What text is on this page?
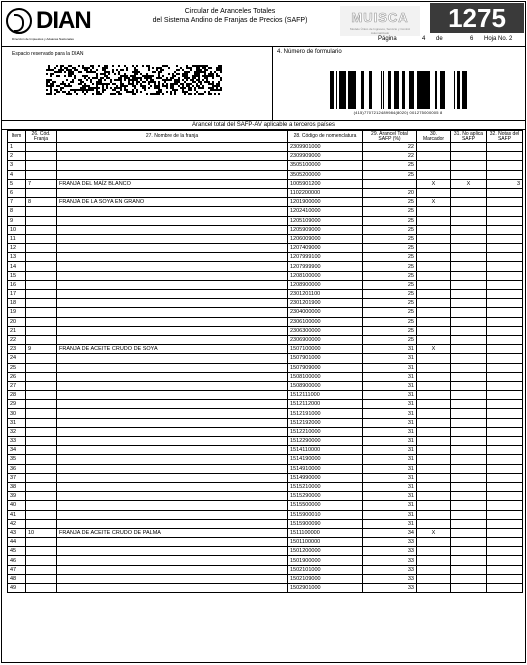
DIAN
Dirección de Impuestos y Aduanas Nacionales
Circular de Aranceles Totales
del Sistema Andino de Franjas de Precios (SAFP)	MUISCA
Modelo Único de Ingresos, Servicio y Control Automatizado	1275
Página	4 de	6 Hoja No. 2
Espacio reservado para la DIAN	4. Número de formulario
(415)7707212489984(8020) 001275000005 8
Arancel total del SAFP-AV aplicable a terceros países
Item	26. Cód. Franja	27. Nombre de la franja	28. Código de nomenclatura	29. Arancel Total SAFP (%)	30. Marcador	31. No aplica SAFP	32. Notas del SAFP
1			2309901000	22			
2			2309909000	22			
3			3505100000	25			
4			3505200000	25			
5	7	FRANJA DEL MAÍZ BLANCO	1005901200		X	X	3
6			1102200000	20			
7	8	FRANJA DE LA SOYA EN GRANO	1201900000	25	X		
8			1202410000	25			
9			1205109000	25			
10			1205909000	25			
11			1206009000	25			
12			1207409000	25			
13			1207999100	25			
14			1207999900	25			
15			1208100000	25			
16			1208900000	25			
17			2301201100	25			
18			2301201900	25			
19			2304000000	25			
20			2306100000	25			
21			2306300000	25			
22			2306900000	25			
23	9	FRANJA DE ACEITE CRUDO DE SOYA	1507100000	31	X		
24			1507901000	31			
25			1507909000	31			
26			1508100000	31			
27			1508900000	31			
28			1512111000	31			
29			1512112000	31			
30			1512191000	31			
31			1512192000	31			
32			1512210000	31			
33			1512290000	31			
34			1514110000	31			
35			1514190000	31			
36			1514910000	31			
37			1514990000	31			
38			1515210000	31			
39			1515290000	31			
40			1515500000	31			
41			1515900010	31			
42			1515900090	31			
43	10	FRANJA DE ACEITE CRUDO DE PALMA	1511100000	34	X		
44			1501100000	33			
45			1501200000	33			
46			1501900000	33			
47			1502101000	33			
48			1502109000	33			
49			1502901000	33			
